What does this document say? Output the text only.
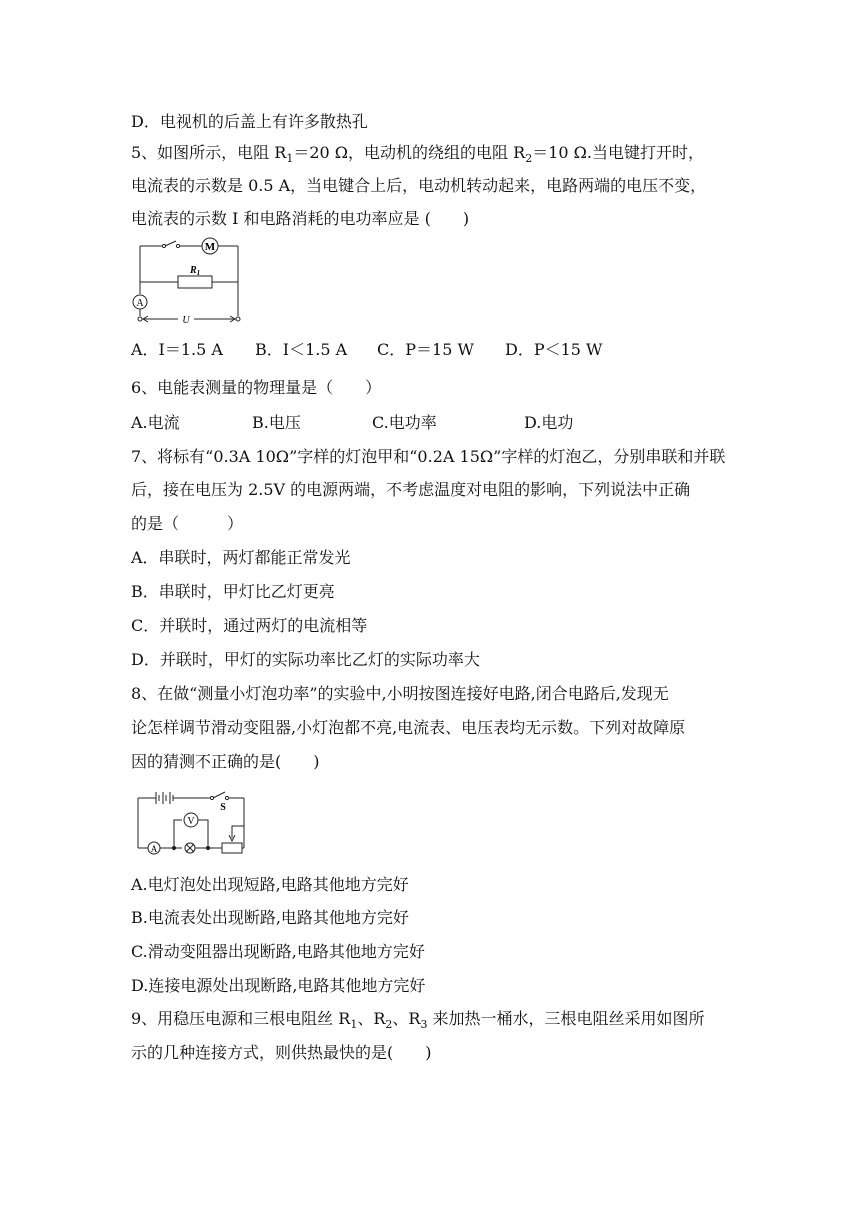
D．电视机的后盖上有许多散热孔
5、如图所示，电阻 $R_1=20$ Ω，电动机的绕组的电阻 $R_2=10$ Ω.当电键打开时，
电流表的示数是 0.5 A，当电键合上后，电动机转动起来，电路两端的电压不变，
电流表的示数 I 和电路消耗的电功率应是 (　　)
M
$R_1$
A
U
A．I＝1.5 A B．I＜1.5 A C．P＝15 W D．P＜15 W
6、电能表测量的物理量是（　　）
A.电流	B.电压	C.电功率	D.电功
7、将标有“0.3A 10Ω”字样的灯泡甲和“0.2A 15Ω”字样的灯泡乙，分别串联和并联
后，接在电压为 2.5V 的电源两端，不考虑温度对电阻的影响，下列说法中正确
的是（　　　）
A．串联时，两灯都能正常发光
B．串联时，甲灯比乙灯更亮
C．并联时，通过两灯的电流相等
D．并联时，甲灯的实际功率比乙灯的实际功率大
8、在做“测量小灯泡功率”的实验中,小明按图连接好电路,闭合电路后,发现无
论怎样调节滑动变阻器,小灯泡都不亮,电流表、电压表均无示数。下列对故障原
因的猜测不正确的是(　　)
S
V
A
A.电灯泡处出现短路,电路其他地方完好
B.电流表处出现断路,电路其他地方完好
C.滑动变阻器出现断路,电路其他地方完好
D.连接电源处出现断路,电路其他地方完好
9、用稳压电源和三根电阻丝 $R_1$、$R_2$、$R_3$ 来加热一桶水，三根电阻丝采用如图所
示的几种连接方式，则供热最快的是(　　)
